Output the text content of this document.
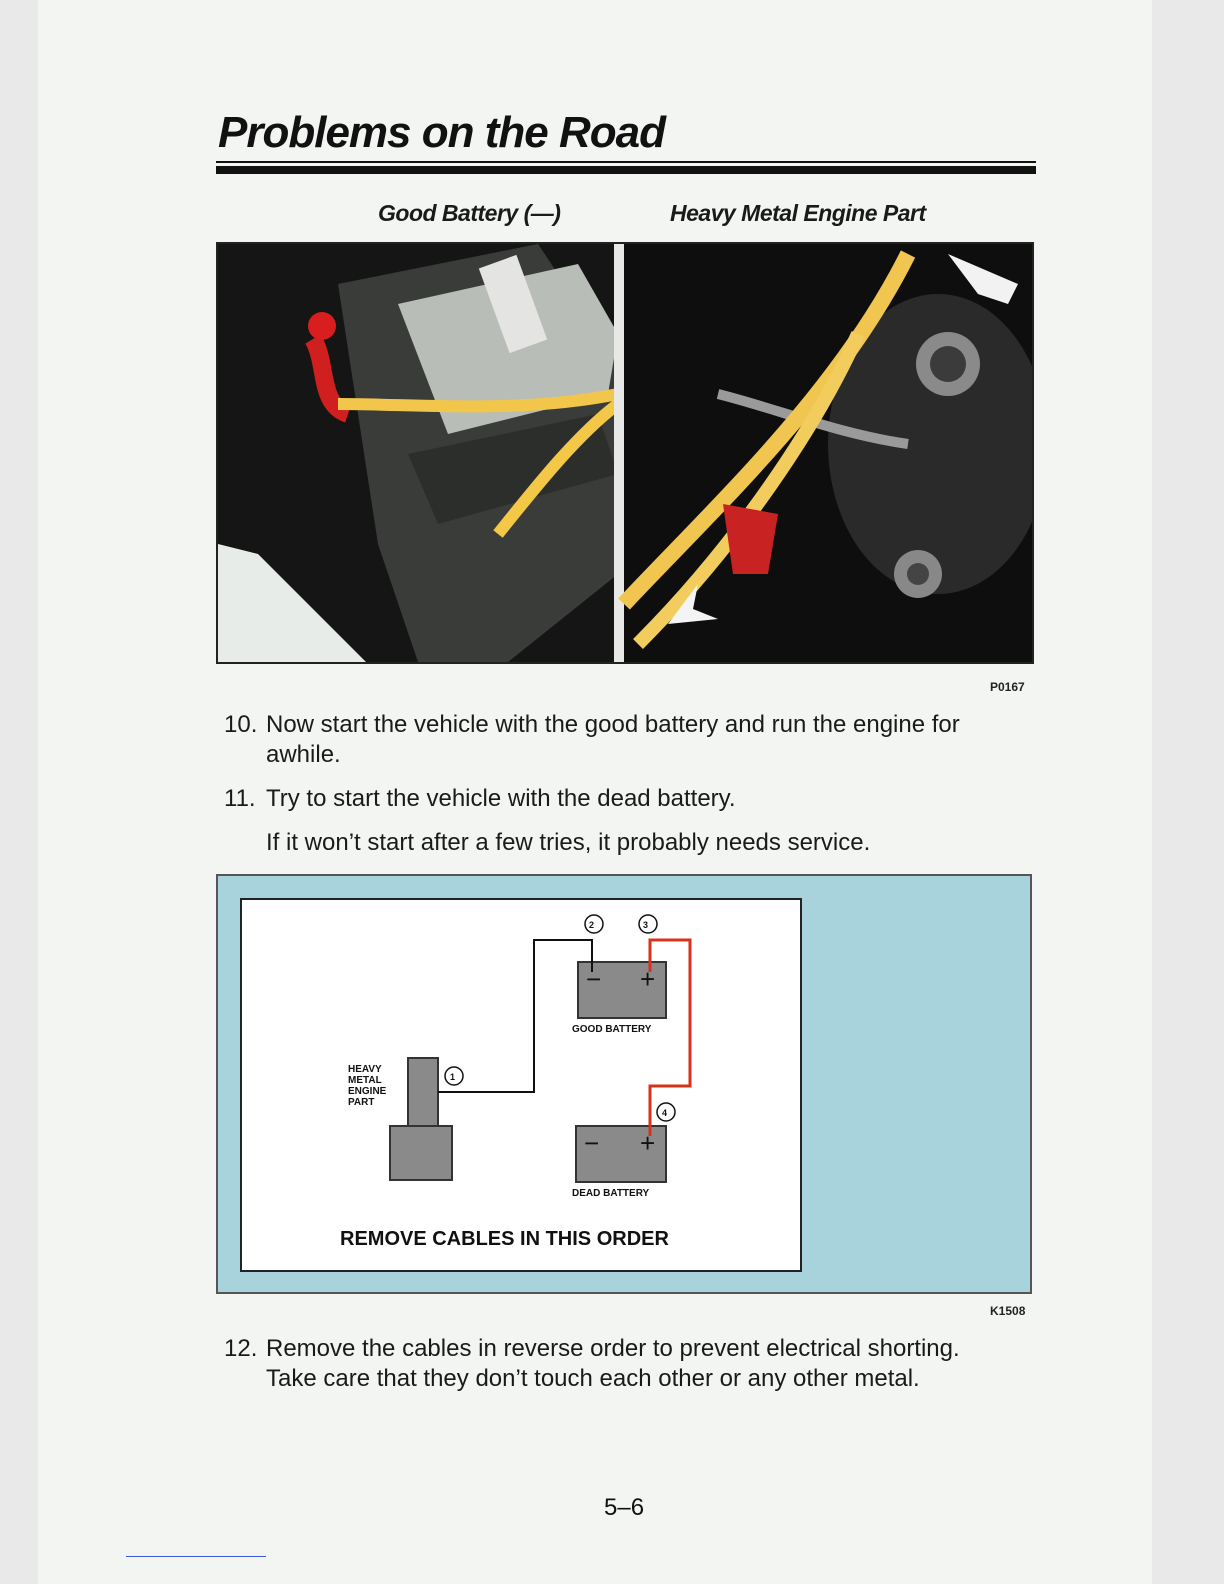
Problems on the Road
Good Battery (—)	Heavy Metal Engine Part
P0167
10. Now start the vehicle with the good battery and run the engine for awhile.
11. Try to start the vehicle with the dead battery.
If it won’t start after a few tries, it probably needs service.
2	3
1
4
− +
− +
GOOD BATTERY
DEAD BATTERY
HEAVY
METAL
ENGINE
PART
REMOVE CABLES IN THIS ORDER
K1508
12. Remove the cables in reverse order to prevent electrical shorting. Take care that they don’t touch each other or any other metal.
5–6
